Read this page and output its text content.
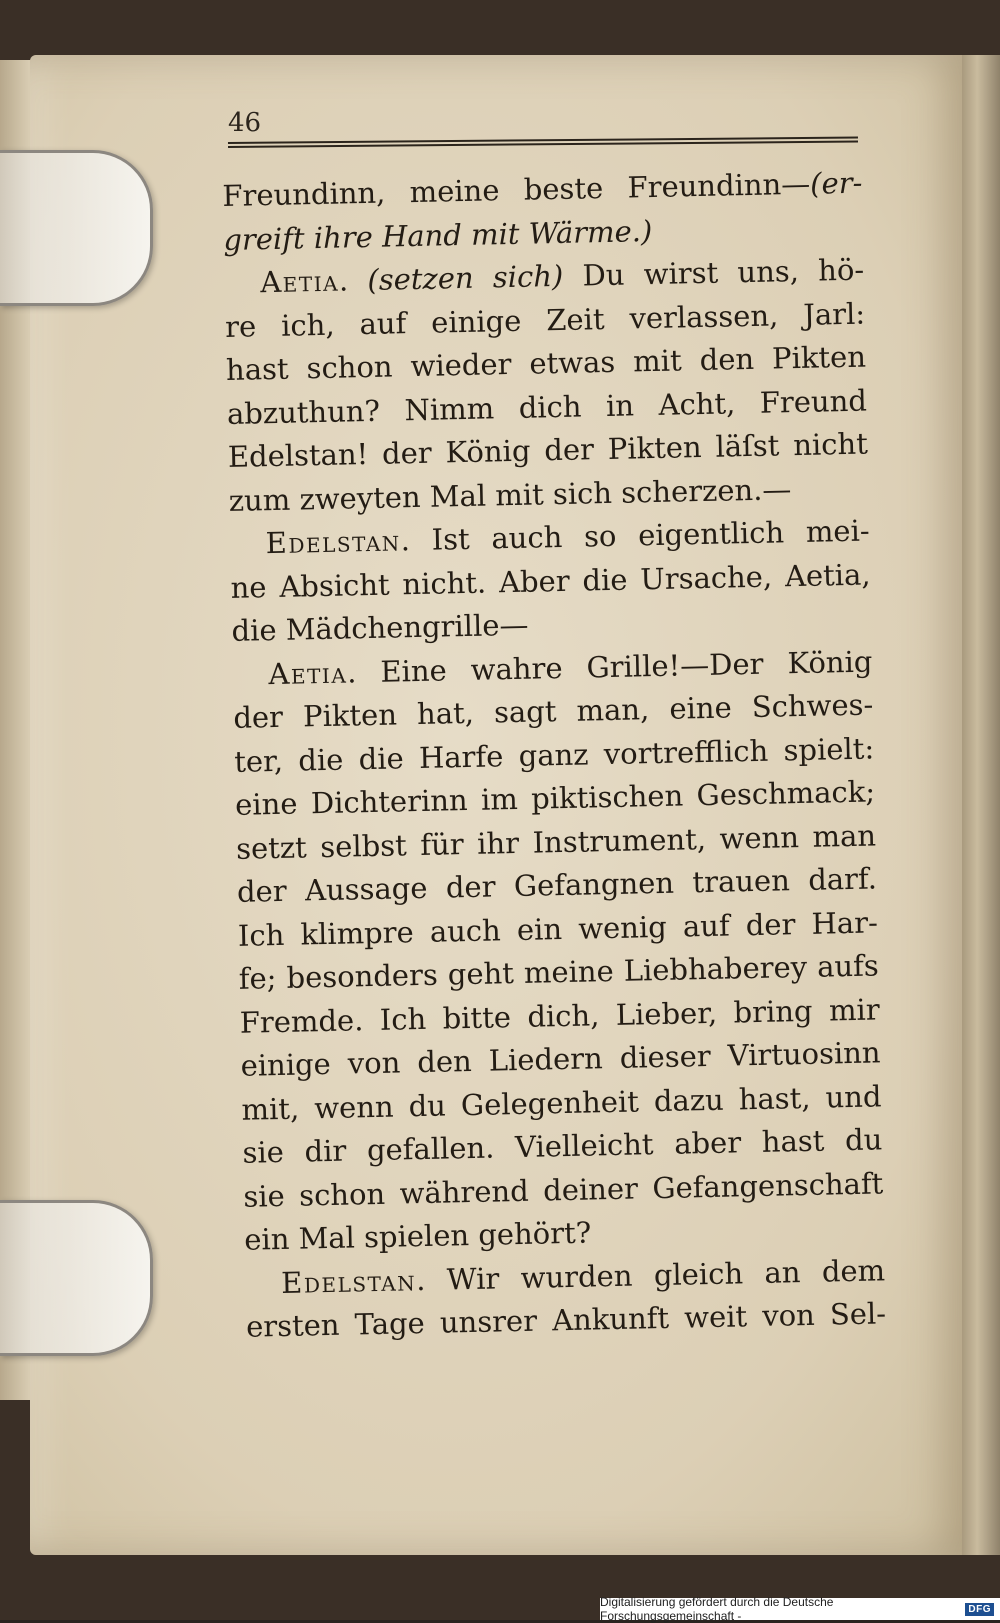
46
Freundinn, meine beste Freundinn—(er-
greift ihre Hand mit Wärme.)
Aetia. (setzen sich) Du wirst uns, hö-
re ich, auf einige Zeit verlassen, Jarl:
hast schon wieder etwas mit den Pikten
abzuthun? Nimm dich in Acht, Freund
Edelstan! der König der Pikten läſst nicht
zum zweyten Mal mit sich scherzen.—
Edelstan. Ist auch so eigentlich mei-
ne Absicht nicht. Aber die Ursache, Aetia,
die Mädchengrille—
Aetia. Eine wahre Grille!—Der König
der Pikten hat, sagt man, eine Schwes-
ter, die die Harfe ganz vortrefflich spielt:
eine Dichterinn im piktischen Geschmack;
setzt selbst für ihr Instrument, wenn man
der Aussage der Gefangnen trauen darf.
Ich klimpre auch ein wenig auf der Har-
fe; besonders geht meine Liebhaberey aufs
Fremde. Ich bitte dich, Lieber, bring mir
einige von den Liedern dieser Virtuosinn
mit, wenn du Gelegenheit dazu hast, und
sie dir gefallen. Vielleicht aber hast du
sie schon während deiner Gefangenschaft
ein Mal spielen gehört?
Edelstan. Wir wurden gleich an dem
ersten Tage unsrer Ankunft weit von Sel-
Digitalisierung gefördert durch die Deutsche Forschungsgemeinschaft -	DFG
